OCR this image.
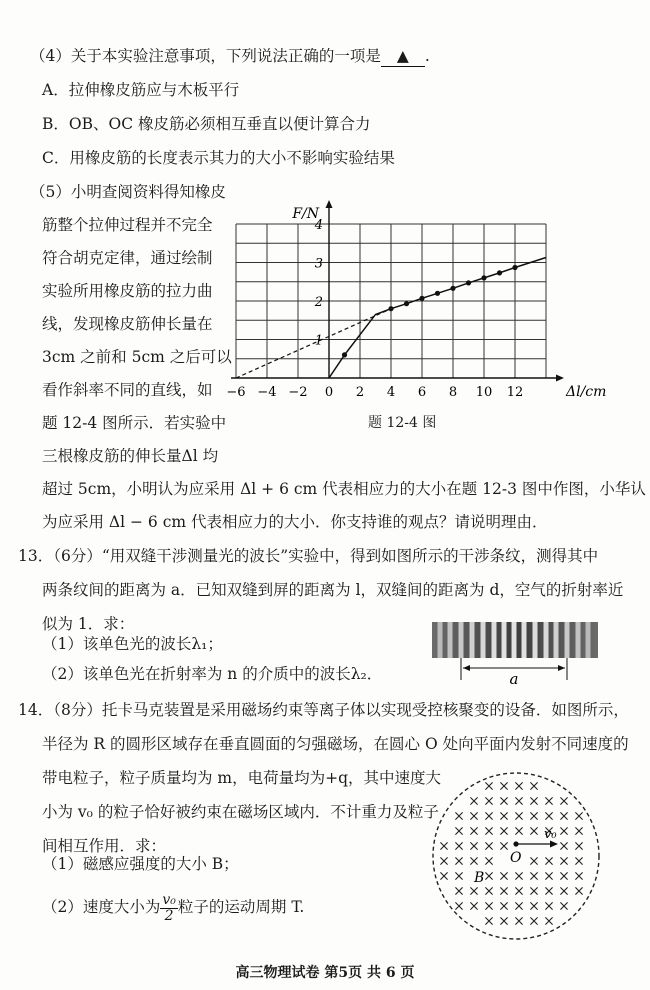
（4）关于本实验注意事项，下列说法正确的一项是 ▲ .
A．拉伸橡皮筋应与木板平行
B．OB、OC 橡皮筋必须相互垂直以便计算合力
C．用橡皮筋的长度表示其力的大小不影响实验结果
（5）小明查阅资料得知橡皮
筋整个拉伸过程并不完全
符合胡克定律，通过绘制
实验所用橡皮筋的拉力曲
线，发现橡皮筋伸长量在
3cm 之前和 5cm 之后可以
看作斜率不同的直线，如
题 12-4 图所示．若实验中
三根橡皮筋的伸长量Δl 均
超过 5cm，小明认为应采用 Δl + 6 cm 代表相应力的大小在题 12-3 图中作图，小华认
为应采用 Δl − 6 cm 代表相应力的大小．你支持谁的观点？请说明理由．
F/N
Δl/cm
−6 −4 −2 0 2 4 6 8 10 12
1
2
3
4
题 12-4 图
13．（6分）“用双缝干涉测量光的波长”实验中，得到如图所示的干涉条纹，测得其中
两条纹间的距离为 a．已知双缝到屏的距离为 l，双缝间的距离为 d，空气的折射率近
似为 1．求：
（1）该单色光的波长λ₁；
（2）该单色光在折射率为 n 的介质中的波长λ₂．	a
14．（8分）托卡马克装置是采用磁场约束等离子体以实现受控核聚变的设备．如图所示，
半径为 R 的圆形区域存在垂直圆面的匀强磁场，在圆心 O 处向平面内发射不同速度的
带电粒子，粒子质量均为 m，电荷量均为+q，其中速度大
小为 v₀ 的粒子恰好被约束在磁场区域内．不计重力及粒子
间相互作用．求：
（1）磁感应强度的大小 B；
（2）速度大小为 $\frac{\text{v₀}}{2}$ 粒子的运动周期 T.
O
v₀
B
高三物理试卷 第5页 共 6 页
